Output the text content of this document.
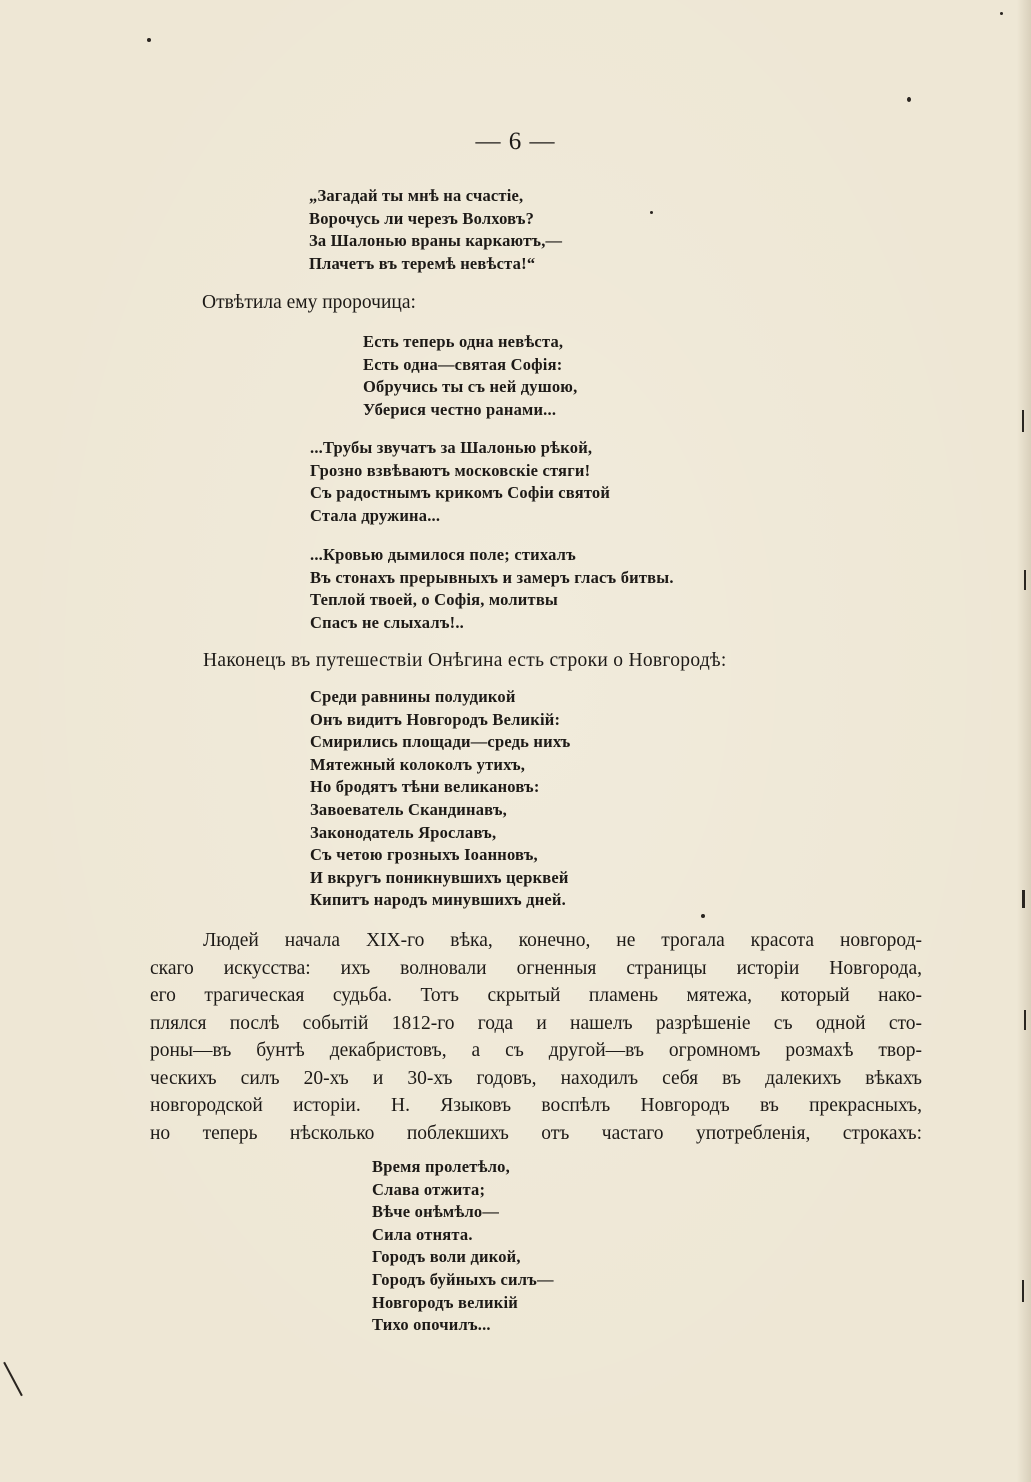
— 6 —
„Загадай ты мнѣ на счастіе,
Ворочусь ли черезъ Волховъ?
За Шалонью враны каркаютъ,—
Плачетъ въ теремѣ невѣста!“
Отвѣтила ему пророчица:
Есть теперь одна невѣста,
Есть одна—святая Софія:
Обручись ты съ ней душою,
Уберися честно ранами...
...Трубы звучатъ за Шалонью рѣкой,
Грозно взвѣваютъ московскіе стяги!
Съ радостнымъ крикомъ Софіи святой
Стала дружина...
...Кровью дымилося поле; стихалъ
Въ стонахъ прерывныхъ и замеръ гласъ битвы.
Теплой твоей, о Софія, молитвы
Спасъ не слыхалъ!..
Наконецъ въ путешествіи Онѣгина есть строки о Новгородѣ:
Среди равнины полудикой
Онъ видитъ Новгородъ Великій:
Смирились площади—средь нихъ
Мятежный колоколъ утихъ,
Но бродятъ тѣни великановъ:
Завоеватель Скандинавъ,
Законодатель Ярославъ,
Съ четою грозныхъ Іоанновъ,
И вкругъ поникнувшихъ церквей
Кипитъ народъ минувшихъ дней.
Людей начала XIX-го вѣка, конечно, не трогала красота новгород-
скаго искусства: ихъ волновали огненныя страницы исторіи Новгорода,
его трагическая судьба. Тотъ скрытый пламень мятежа, который нако-
плялся послѣ событій 1812-го года и нашелъ разрѣшеніе съ одной сто-
роны—въ бунтѣ декабристовъ, а съ другой—въ огромномъ розмахѣ твор-
ческихъ силъ 20-хъ и 30-хъ годовъ, находилъ себя въ далекихъ вѣкахъ
новгородской исторіи. Н. Языковъ воспѣлъ Новгородъ въ прекрасныхъ,
но теперь нѣсколько поблекшихъ отъ частаго употребленія, строкахъ:
Время пролетѣло,
Слава отжита;
Вѣче онѣмѣло—
Сила отнята.
Городъ воли дикой,
Городъ буйныхъ силъ—
Новгородъ великій
Тихо опочилъ...
